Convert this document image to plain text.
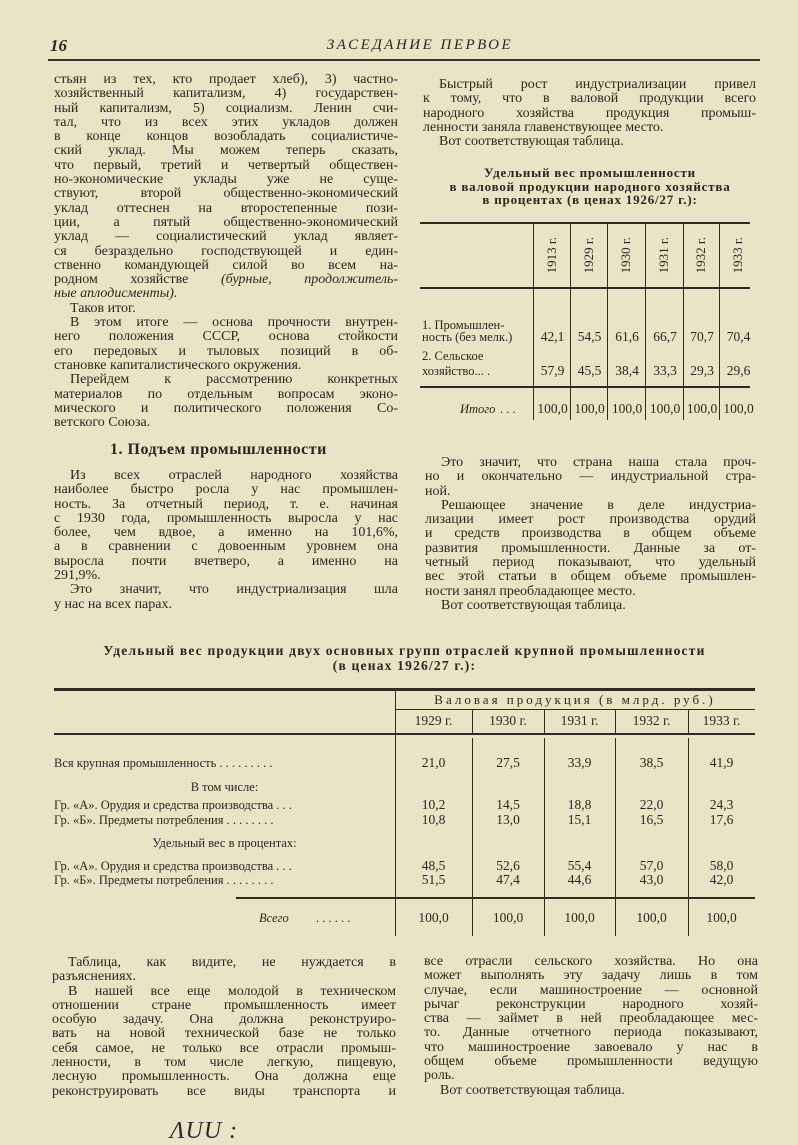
16	ЗАСЕДАНИЕ ПЕРВОЕ
стьян из тех, кто продает хлеб), 3) частно-
хозяйственный капитализм, 4) государствен-
ный капитализм, 5) социализм. Ленин счи-
тал, что из всех этих укладов должен
в конце концов возобладать социалистиче-
ский уклад. Мы можем теперь сказать,
что первый, третий и четвертый обществен-
но-экономические уклады уже не суще-
ствуют, второй общественно-экономический
уклад оттеснен на второстепенные пози-
ции, а пятый общественно-экономический
уклад — социалистический уклад являет-
ся безраздельно господствующей и един-
ственно командующей силой во всем на-
родном хозяйстве (бурные, продолжитель-
ные аплодисменты).
Таков итог.
В этом итоге — основа прочности внутрен-
него положения СССР, основа стойкости
его передовых и тыловых позиций в об-
становке капиталистического окружения.
Перейдем к рассмотрению конкретных
материалов по отдельным вопросам эконо-
мического и политического положения Со-
ветского Союза.
1. Подъем промышленности
Из всех отраслей народного хозяйства
наиболее быстро росла у нас промышлен-
ность. За отчетный период, т. е. начиная
с 1930 года, промышленность выросла у нас
более, чем вдвое, а именно на 101,6%,
а в сравнении с довоенным уровнем она
выросла почти вчетверо, а именно на
291,9%.
Это значит, что индустриализация шла
у нас на всех парах.
Быстрый рост индустриализации привел
к тому, что в валовой продукции всего
народного хозяйства продукция промыш-
ленности заняла главенствующее место.
Вот соответствующая таблица.
Удельный вес промышленности
в валовой продукции народного хозяйства
в процентах (в ценах 1926/27 г.):
1913 г. 1929 г. 1930 г. 1931 г. 1932 г. 1933 г.
1. Промышлен-
ность (без мелк.)	42,1 54,5	61,6	66,7 70,7 70,4
2. Сельское
хозяйство... .	57,9 45,5	38,4	33,3 29,3 29,6
Итого . . . 100,0 100,0 100,0 100,0 100,0 100,0
Это значит, что страна наша стала проч-
но и окончательно — индустриальной стра-
ной.
Решающее значение в деле индустриа-
лизации имеет рост производства орудий
и средств производства в общем объеме
развития промышленности. Данные за от-
четный период показывают, что удельный
вес этой статьи в общем объеме промышлен-
ности занял преобладающее место.
Вот соответствующая таблица.
Удельный вес продукции двух основных групп отраслей крупной промышленности
(в ценах 1926/27 г.):
Валовая продукция (в млрд. руб.)
1929 г.	1930 г.	1931 г.	1932 г.	1933 г.
Вся крупная промышленность . . . . . . . . .	21,0	27,5	33,9	38,5	41,9
В том числе:
Гр. «А». Орудия и средства производства . . .	10,2	14,5	18,8	22,0	24,3
Гр. «Б». Предметы потребления . . . . . . . .	10,8	13,0	15,1	16,5	17,6
Удельный вес в процентах:
Гр. «А». Орудия и средства производства . . .	48,5	52,6	55,4	57,0	58,0
Гр. «Б». Предметы потребления . . . . . . . .	51,5	47,4	44,6	43,0	42,0
Всего . . . . . .	100,0	100,0	100,0	100,0	100,0
Таблица, как видите, не нуждается в
разъяснениях.
В нашей все еще молодой в техническом
отношении стране промышленность имеет
особую задачу. Она должна реконструиро-
вать на новой технической базе не только
себя самое, не только все отрасли промыш-
ленности, в том числе легкую, пищевую,
лесную промышленность. Она должна еще
реконструировать все виды транспорта и
все отрасли сельского хозяйства. Но она
может выполнять эту задачу лишь в том
случае, если машиностроение — основной
рычаг реконструкции народного хозяй-
ства — займет в ней преобладающее мес-
то. Данные отчетного периода показывают,
что машиностроение завоевало у нас в
общем объеме промышленности ведущую
роль.
Вот соответствующая таблица.
ΛUU :
